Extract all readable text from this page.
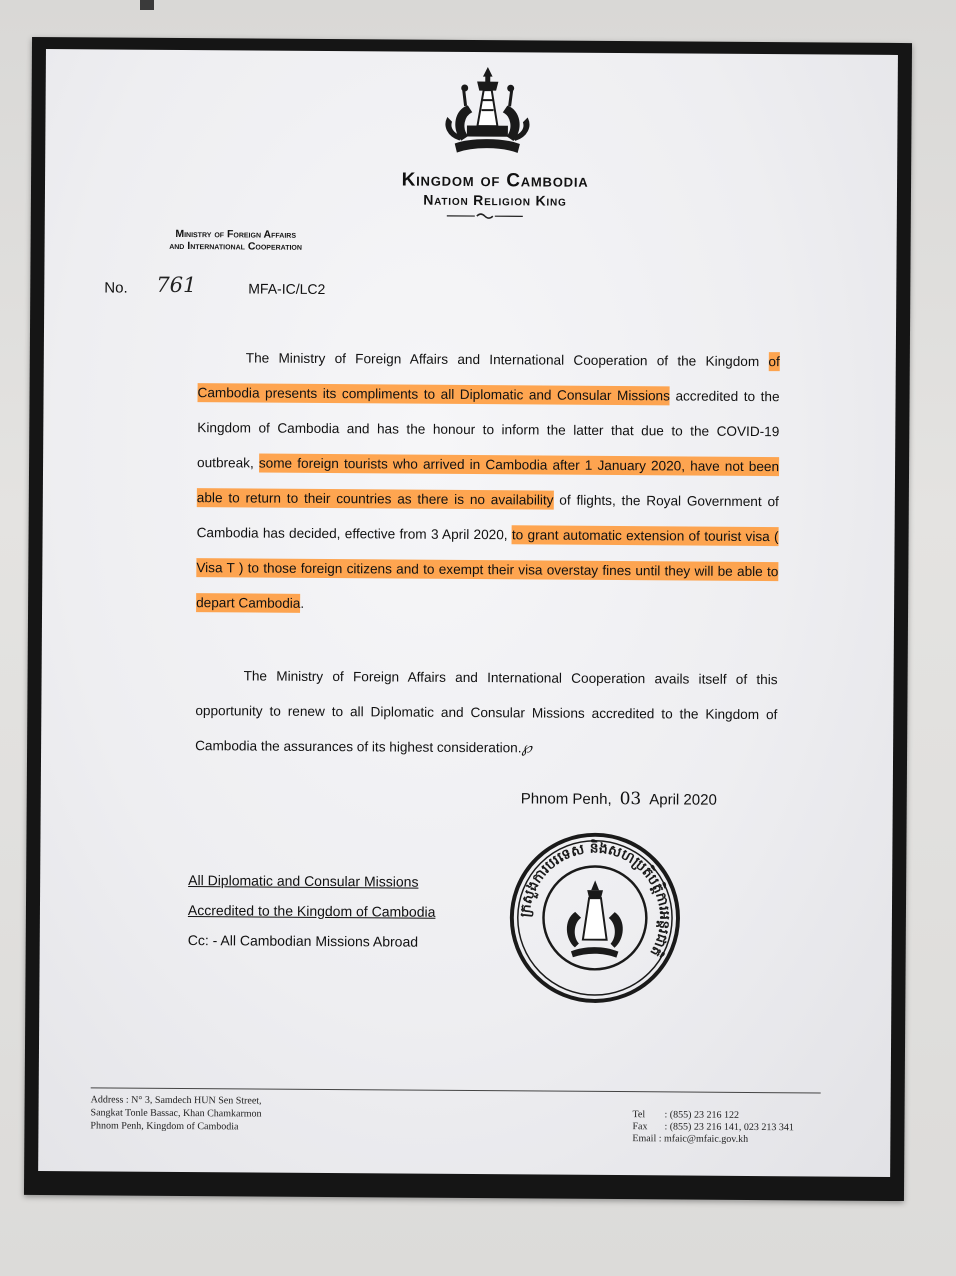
Kingdom of Cambodia
Nation Religion King
Ministry of Foreign Affairs
and International Cooperation
No. 761	MFA-IC/LC2

The Ministry of Foreign Affairs and International Cooperation of the Kingdom of Cambodia presents its compliments to all Diplomatic and Consular Missions accredited to the Kingdom of Cambodia and has the honour to inform the latter that due to the COVID-19 outbreak, some foreign tourists who arrived in Cambodia after 1 January 2020, have not been able to return to their countries as there is no availability of flights, the Royal Government of Cambodia has decided, effective from 3 April 2020, to grant automatic extension of tourist visa ( Visa T ) to those foreign citizens and to exempt their visa overstay fines until they will be able to depart Cambodia.

The Ministry of Foreign Affairs and International Cooperation avails itself of this opportunity to renew to all Diplomatic and Consular Missions accredited to the Kingdom of Cambodia the assurances of its highest consideration.℘

Phnom Penh, 03 April 2020
All Diplomatic and Consular Missions
Accredited to the Kingdom of Cambodia
Cc: - All Cambodian Missions Abroad
ក្រសួងការបរទេស និងសហប្រតិបត្តិការអន្តរជាតិ
Address : N° 3, Samdech HUN Sen Street,
Sangkat Tonle Bassac, Khan Chamkarmon
Phnom Penh, Kingdom of Cambodia
Tel : (855) 23 216 122
Fax : (855) 23 216 141, 023 213 341
Email : mfaic@mfaic.gov.kh
